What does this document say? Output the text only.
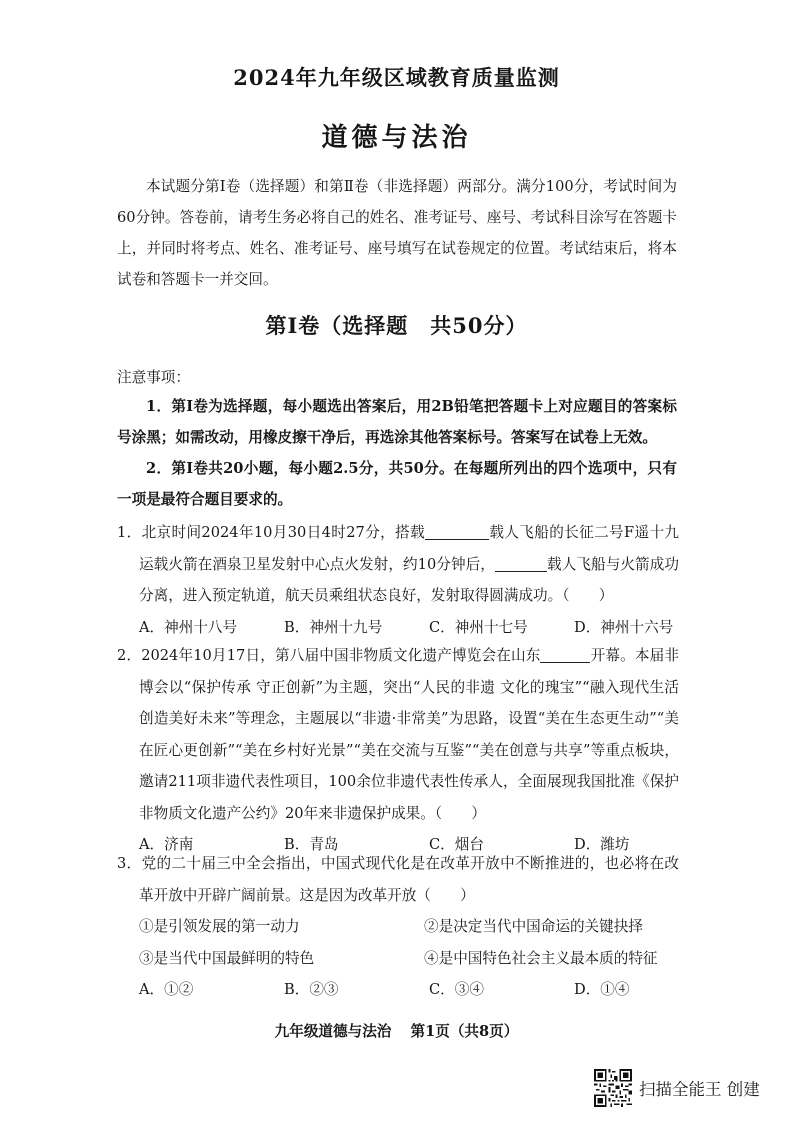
2024年九年级区域教育质量监测
道德与法治
本试题分第Ⅰ卷（选择题）和第Ⅱ卷（非选择题）两部分。满分100分，考试时间为60分钟。答卷前，请考生务必将自己的姓名、准考证号、座号、考试科目涂写在答题卡上，并同时将考点、姓名、准考证号、座号填写在试卷规定的位置。考试结束后，将本试卷和答题卡一并交回。
第Ⅰ卷（选择题　共50分）
注意事项：
1．第Ⅰ卷为选择题，每小题选出答案后，用2B铅笔把答题卡上对应题目的答案标号涂黑；如需改动，用橡皮擦干净后，再选涂其他答案标号。答案写在试卷上无效。
2．第Ⅰ卷共20小题，每小题2.5分，共50分。在每题所列出的四个选项中，只有一项是最符合题目要求的。
1．北京时间2024年10月30日4时27分，搭载	载人飞船的长征二号F遥十九运载火箭在酒泉卫星发射中心点火发射，约10分钟后，	载人飞船与火箭成功分离，进入预定轨道，航天员乘组状态良好，发射取得圆满成功。（　　）
A．神州十八号	B．神州十九号	C．神州十七号	D．神州十六号
2．2024年10月17日，第八届中国非物质文化遗产博览会在山东	开幕。本届非博会以“保护传承 守正创新”为主题，突出“人民的非遗 文化的瑰宝”“融入现代生活 创造美好未来”等理念，主题展以“非遗·非常美”为思路，设置“美在生态更生动”“美在匠心更创新”“美在乡村好光景”“美在交流与互鉴”“美在创意与共享”等重点板块，邀请211项非遗代表性项目，100余位非遗代表性传承人，全面展现我国批准《保护非物质文化遗产公约》20年来非遗保护成果。（　　）
A．济南	B．青岛	C．烟台	D．潍坊
3．党的二十届三中全会指出，中国式现代化是在改革开放中不断推进的，也必将在改革开放中开辟广阔前景。这是因为改革开放（　　）
①是引领发展的第一动力	②是决定当代中国命运的关键抉择
③是当代中国最鲜明的特色	④是中国特色社会主义最本质的特征
A．①②	B．②③	C．③④	D．①④
九年级道德与法治 第1页（共8页）
扫描全能王 创建
